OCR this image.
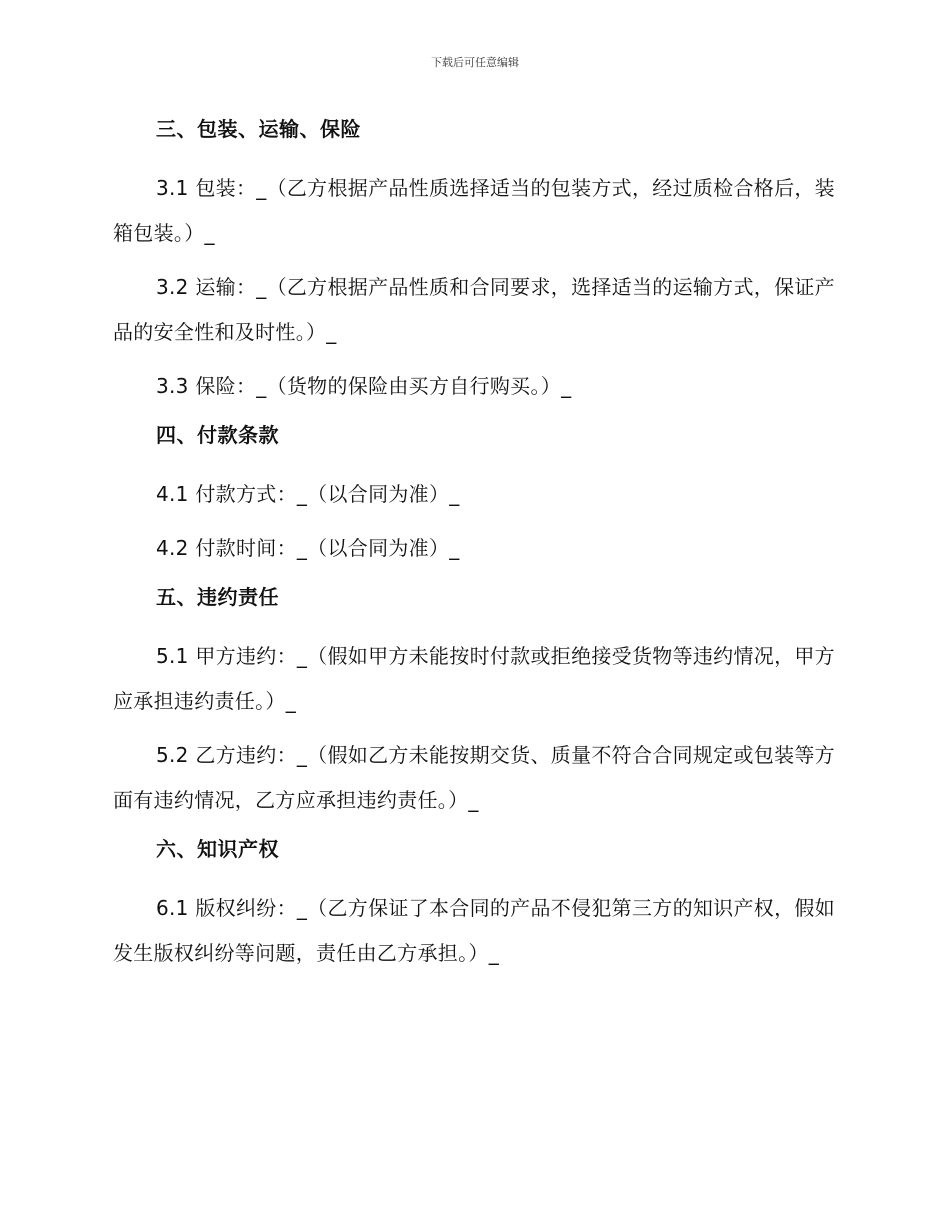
下载后可任意编辑
三、包装、运输、保险

3.1 包装：_（乙方根据产品性质选择适当的包装方式，经过质检合格后，装箱包装。）_

3.2 运输：_（乙方根据产品性质和合同要求，选择适当的运输方式，保证产品的安全性和及时性。）_

3.3 保险：_（货物的保险由买方自行购买。）_

四、付款条款

4.1 付款方式：_（以合同为准）_

4.2 付款时间：_（以合同为准）_

五、违约责任

5.1 甲方违约：_（假如甲方未能按时付款或拒绝接受货物等违约情况，甲方应承担违约责任。）_

5.2 乙方违约：_（假如乙方未能按期交货、质量不符合合同规定或包装等方面有违约情况，乙方应承担违约责任。）_

六、知识产权

6.1 版权纠纷：_（乙方保证了本合同的产品不侵犯第三方的知识产权，假如发生版权纠纷等问题，责任由乙方承担。）_
